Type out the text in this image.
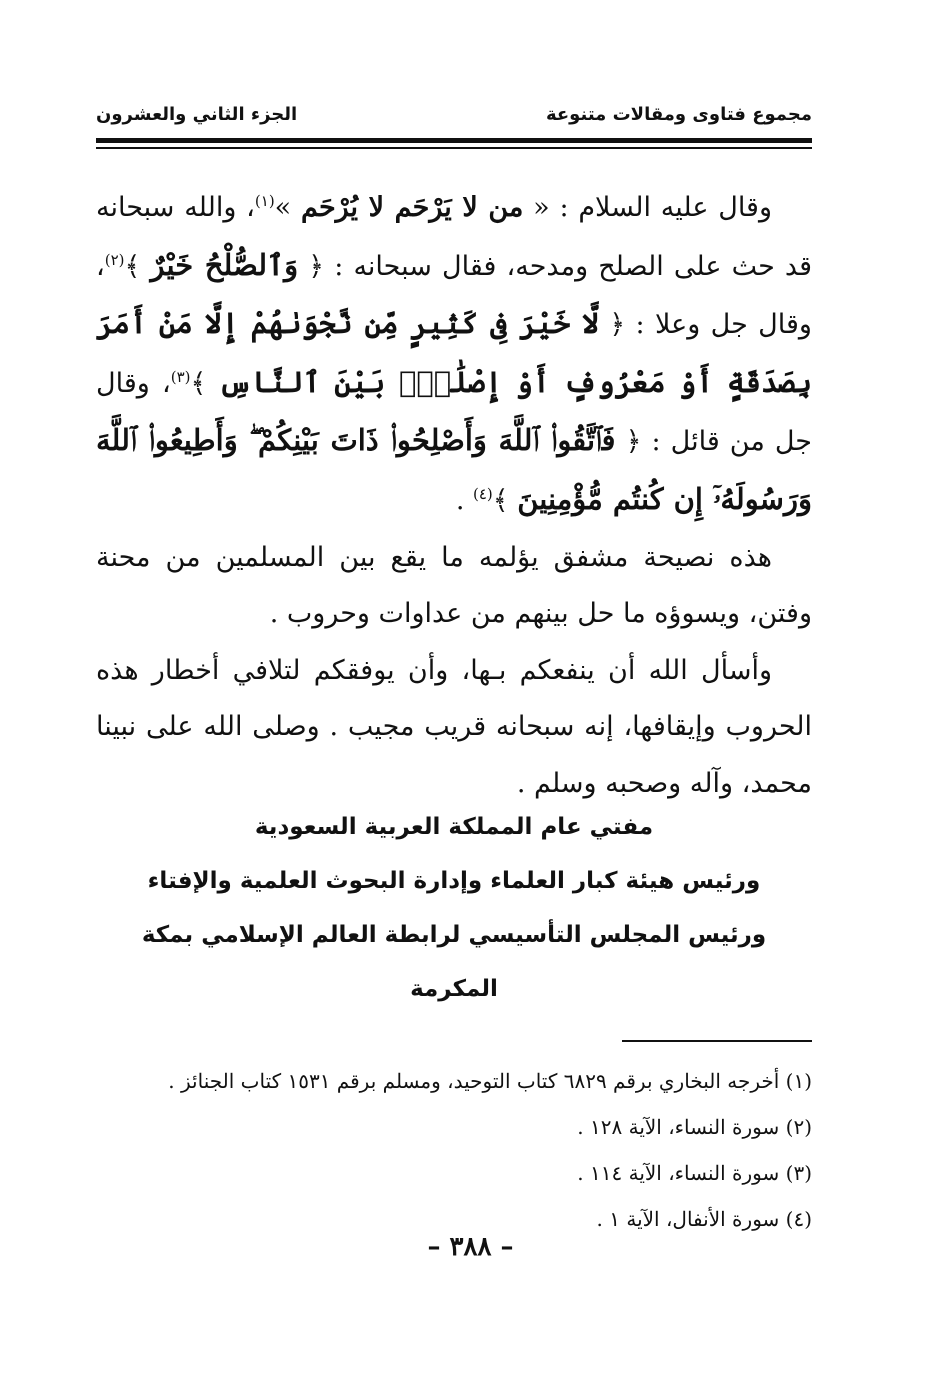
مجموع فتاوى ومقالات متنوعة
الجزء الثاني والعشرون

وقال عليه السلام : « من لا يَرْحَم لا يُرْحَم »$^{(١)}$، والله سبحانه قد حث على الصلح ومدحه، فقال سبحانه : ﴿ وَٱلصُّلْحُ خَيْرٌ ﴾$^{(٢)}$، وقال جل وعلا : ﴿ لَّا خَيْرَ فِى كَثِيرٍ مِّن نَّجْوَىٰهُمْ إِلَّا مَنْ أَمَرَ بِصَدَقَةٍ أَوْ مَعْرُوفٍ أَوْ إِصْلَٰحٍۭ بَيْنَ ٱلنَّاسِ ﴾$^{(٣)}$، وقال جل من قائل : ﴿ فَٱتَّقُوا۟ ٱللَّهَ وَأَصْلِحُوا۟ ذَاتَ بَيْنِكُمْ ۖ وَأَطِيعُوا۟ ٱللَّهَ وَرَسُولَهُۥٓ إِن كُنتُم مُّؤْمِنِينَ ﴾$^{(٤)}$ .

هذه نصيحة مشفق يؤلمه ما يقع بين المسلمين من محنة وفتن، ويسوؤه ما حل بينهم من عداوات وحروب .

وأسأل الله أن ينفعكم بـها، وأن يوفقكم لتلافي أخطار هذه الحروب وإيقافها، إنه سبحانه قريب مجيب . وصلى الله على نبينا محمد، وآله وصحبه وسلم .

مفتي عام المملكة العربية السعودية
ورئيس هيئة كبار العلماء وإدارة البحوث العلمية والإفتاء
ورئيس المجلس التأسيسي لرابطة العالم الإسلامي بمكة المكرمة
(١) أخرجه البخاري برقم ٦٨٢٩ كتاب التوحيد، ومسلم برقم ١٥٣١ كتاب الجنائز .
(٢) سورة النساء، الآية ١٢٨ .
(٣) سورة النساء، الآية ١١٤ .
(٤) سورة الأنفال، الآية ١ .
– ٣٨٨ –
